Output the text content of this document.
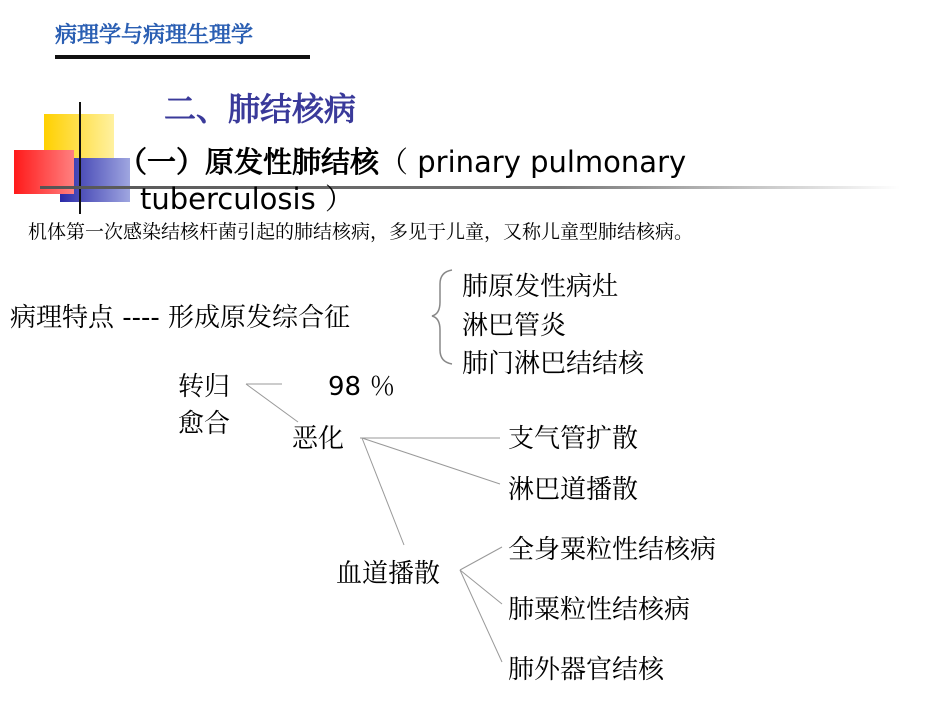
病理学与病理生理学
二、肺结核病
（一）原发性肺结核（ prinary pulmonary
tuberculosis ）
机体第一次感染结核杆菌引起的肺结核病，多见于儿童，又称儿童型肺结核病。
病理特点 ---- 形成原发综合征
肺原发性病灶
淋巴管炎
肺门淋巴结结核
转归
愈合
98 ％
恶化	支气管扩散
淋巴道播散
血道播散
全身粟粒性结核病
肺粟粒性结核病
肺外器官结核
